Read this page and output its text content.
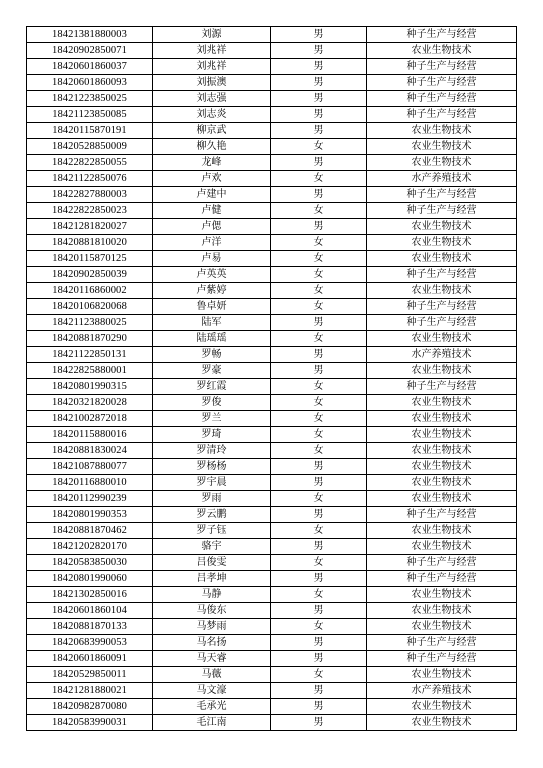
18421381880003	刘源	男	种子生产与经营
18420902850071	刘兆祥	男	农业生物技术
18420601860037	刘兆祥	男	种子生产与经营
18420601860093	刘振澳	男	种子生产与经营
18421223850025	刘志强	男	种子生产与经营
18421123850085	刘志炎	男	种子生产与经营
18420115870191	柳京武	男	农业生物技术
18420528850009	柳久艳	女	农业生物技术
18422822850055	龙峰	男	农业生物技术
18421122850076	卢欢	女	水产养殖技术
18422827880003	卢建中	男	种子生产与经营
18422822850023	卢健	女	种子生产与经营
18421281820027	卢偲	男	农业生物技术
18420881810020	卢洋	女	农业生物技术
18420115870125	卢易	女	农业生物技术
18420902850039	卢英英	女	种子生产与经营
18420116860002	卢紫婷	女	农业生物技术
18420106820068	鲁卓妍	女	种子生产与经营
18421123880025	陆军	男	种子生产与经营
18420881870290	陆瑶瑶	女	农业生物技术
18421122850131	罗畅	男	水产养殖技术
18422825880001	罗豪	男	农业生物技术
18420801990315	罗红霞	女	种子生产与经营
18420321820028	罗俊	女	农业生物技术
18421002872018	罗兰	女	农业生物技术
18420115880016	罗琦	女	农业生物技术
18420881830024	罗清玲	女	农业生物技术
18421087880077	罗杨杨	男	农业生物技术
18420116880010	罗宇晨	男	农业生物技术
18420112990239	罗雨	女	农业生物技术
18420801990353	罗云鹏	男	种子生产与经营
18420881870462	罗子钰	女	农业生物技术
18421202820170	骆宇	男	农业生物技术
18420583850030	吕俊雯	女	种子生产与经营
18420801990060	吕孝坤	男	种子生产与经营
18421302850016	马静	女	农业生物技术
18420601860104	马俊东	男	农业生物技术
18420881870133	马梦雨	女	农业生物技术
18420683990053	马名扬	男	种子生产与经营
18420601860091	马天睿	男	种子生产与经营
18420529850011	马薇	女	农业生物技术
18421281880021	马文濠	男	水产养殖技术
18420982870080	毛承光	男	农业生物技术
18420583990031	毛江南	男	农业生物技术
